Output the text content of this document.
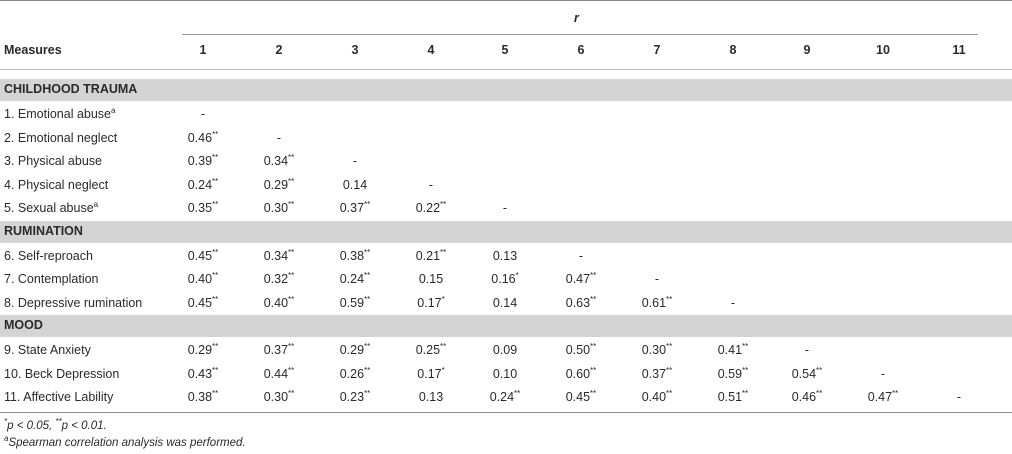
r
Measures	1	2	3	4	5	6	7	8	9	10	11
CHILDHOOD TRAUMA
1. Emotional abuse$^a$	-
2. Emotional neglect	0.46**	-
3. Physical abuse	0.39**	0.34**	-
4. Physical neglect	0.24**	0.29**	0.14	-
5. Sexual abuse$^a$	0.35**	0.30**	0.37**	0.22**	-
RUMINATION
6. Self-reproach	0.45**	0.34**	0.38**	0.21**	0.13	-
7. Contemplation	0.40**	0.32**	0.24**	0.15	0.16*	0.47**	-
8. Depressive rumination	0.45**	0.40**	0.59**	0.17*	0.14	0.63**	0.61**	-
MOOD
9. State Anxiety	0.29**	0.37**	0.29**	0.25**	0.09	0.50**	0.30**	0.41**	-
10. Beck Depression	0.43**	0.44**	0.26**	0.17*	0.10	0.60**	0.37**	0.59**	0.54**	-
11. Affective Lability	0.38**	0.30**	0.23**	0.13	0.24**	0.45**	0.40**	0.51**	0.46**	0.47**	-
*p < 0.05, **p < 0.01.
$^a$Spearman correlation analysis was performed.
